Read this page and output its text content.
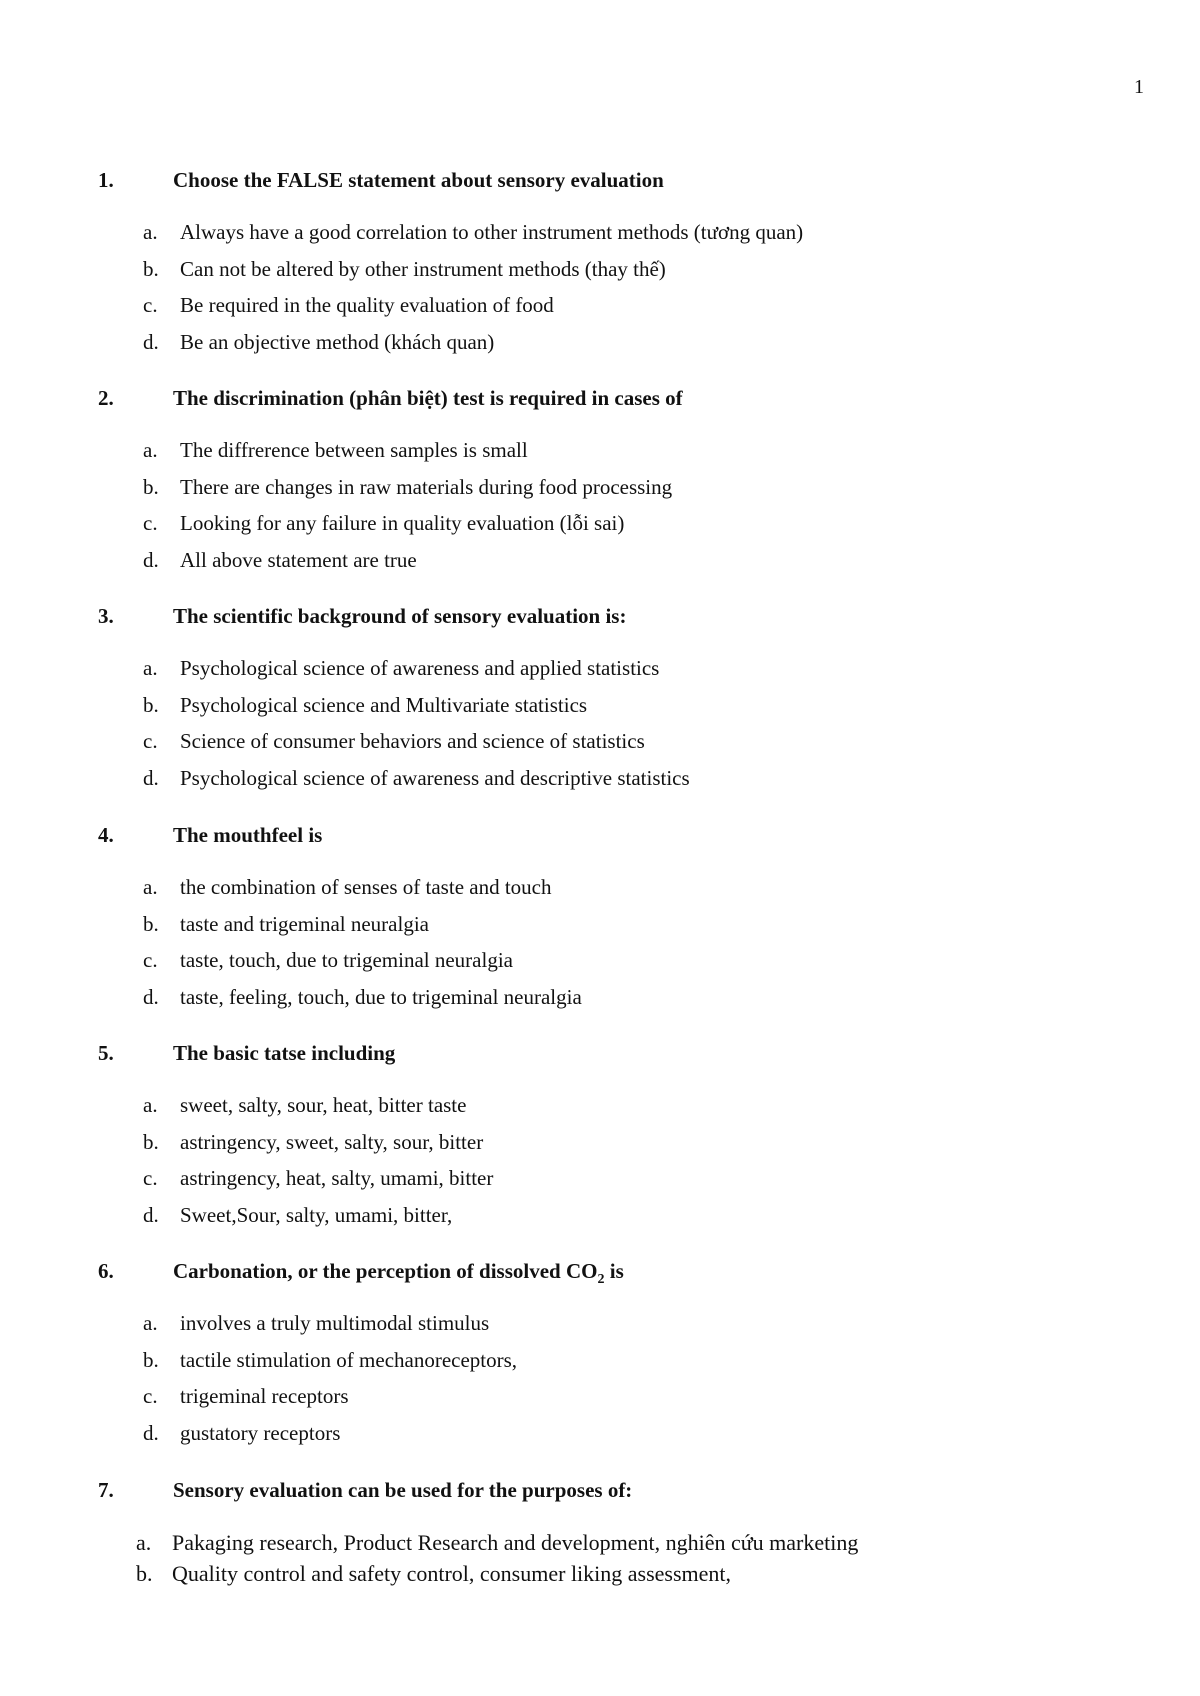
1
1.	Choose the FALSE statement about sensory evaluation
a. Always have a good correlation to other instrument methods (tương quan)
b. Can not be altered by other instrument methods (thay thế)
c. Be required in the quality evaluation of food
d. Be an objective method (khách quan)
2.	The discrimination (phân biệt) test is required in cases of
a. The diffrerence between samples is small
b. There are changes in raw materials during food processing
c. Looking for any failure in quality evaluation (lỗi sai)
d. All above statement are true
3.	The scientific background of sensory evaluation is:
a. Psychological science of awareness and applied statistics
b. Psychological science and Multivariate statistics
c. Science of consumer behaviors and science of statistics
d. Psychological science of awareness and descriptive statistics
4.	The mouthfeel is
a. the combination of senses of taste and touch
b. taste and trigeminal neuralgia
c. taste, touch, due to trigeminal neuralgia
d. taste, feeling, touch, due to trigeminal neuralgia
5.	The basic tatse including
a. sweet, salty, sour, heat, bitter taste
b. astringency, sweet, salty, sour, bitter
c. astringency, heat, salty, umami, bitter
d. Sweet,Sour, salty, umami, bitter,
6.	Carbonation, or the perception of dissolved $CO_2$ is
a. involves a truly multimodal stimulus
b. tactile stimulation of mechanoreceptors,
c. trigeminal receptors
d. gustatory receptors
7.	Sensory evaluation can be used for the purposes of:
a. Pakaging research, Product Research and development, nghiên cứu marketing
b. Quality control and safety control, consumer liking assessment,
